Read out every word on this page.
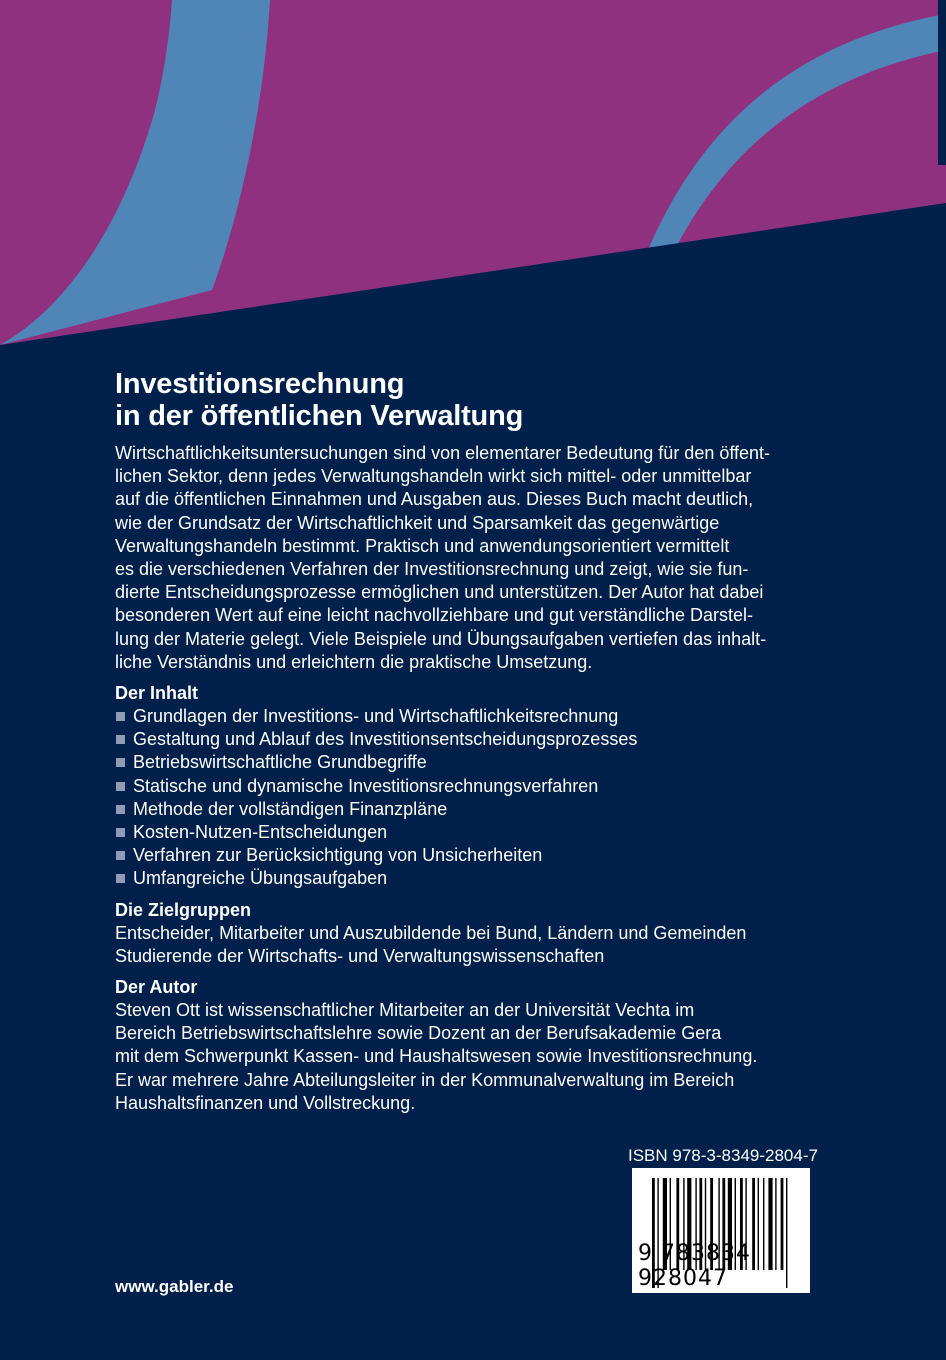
Investitionsrechnung
in der öffentlichen Verwaltung
Wirtschaftlichkeitsuntersuchungen sind von elementarer Bedeutung für den öffent-
lichen Sektor, denn jedes Verwaltungshandeln wirkt sich mittel- oder unmittelbar
auf die öffentlichen Einnahmen und Ausgaben aus. Dieses Buch macht deutlich,
wie der Grundsatz der Wirtschaftlichkeit und Sparsamkeit das gegenwärtige
Verwaltungshandeln bestimmt. Praktisch und anwendungsorientiert vermittelt
es die verschiedenen Verfahren der Investitionsrechnung und zeigt, wie sie fun-
dierte Entscheidungsprozesse ermöglichen und unterstützen. Der Autor hat dabei
besonderen Wert auf eine leicht nachvollziehbare und gut verständliche Darstel-
lung der Materie gelegt. Viele Beispiele und Übungsaufgaben vertiefen das inhalt-
liche Verständnis und erleichtern die praktische Umsetzung.
Der Inhalt
Grundlagen der Investitions- und Wirtschaftlichkeitsrechnung
Gestaltung und Ablauf des Investitionsentscheidungsprozesses
Betriebswirtschaftliche Grundbegriffe
Statische und dynamische Investitionsrechnungsverfahren
Methode der vollständigen Finanzpläne
Kosten-Nutzen-Entscheidungen
Verfahren zur Berücksichtigung von Unsicherheiten
Umfangreiche Übungsaufgaben
Die Zielgruppen
Entscheider, Mitarbeiter und Auszubildende bei Bund, Ländern und Gemeinden
Studierende der Wirtschafts- und Verwaltungswissenschaften
Der Autor
Steven Ott ist wissenschaftlicher Mitarbeiter an der Universität Vechta im
Bereich Betriebswirtschaftslehre sowie Dozent an der Berufsakademie Gera
mit dem Schwerpunkt Kassen- und Haushaltswesen sowie Investitionsrechnung.
Er war mehrere Jahre Abteilungsleiter in der Kommunalverwaltung im Bereich
Haushaltsfinanzen und Vollstreckung.
ISBN 978-3-8349-2804-7
9 783834 928047
www.gabler.de
